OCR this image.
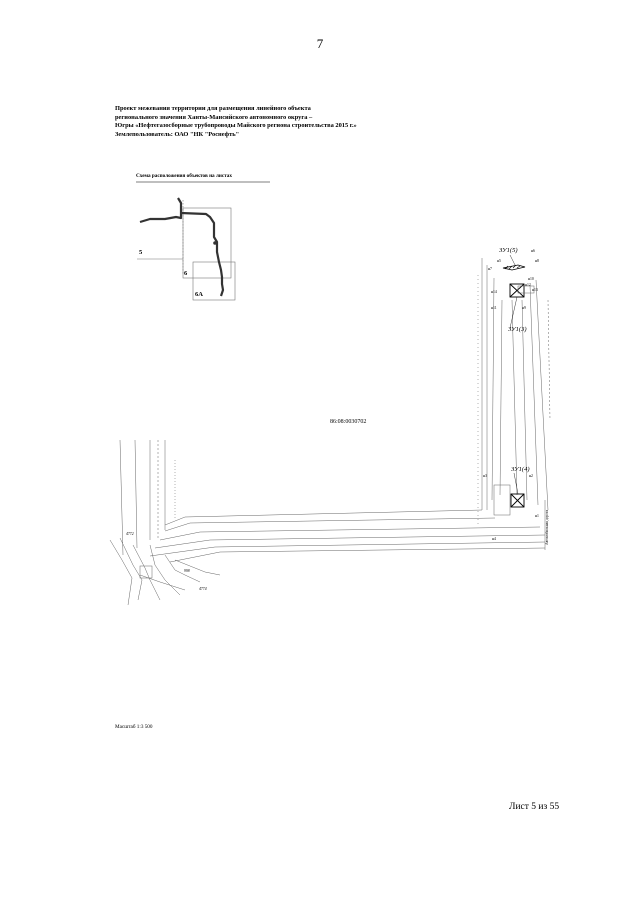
7
Проект межевания территории для размещения линейного объекта
регионального значения Ханты-Мансийского автономного округа –
Югры «Нефтегазосборные трубопроводы Майского региона строительства 2015 г.»
Землепользователь: ОАО "НК "Роснефть"
Схема расположения объектов на листах
5
6
6А
ЗУ1(5)
ЗУ1(3)
ЗУ1(4)
н5
н6
н7
н8
н9
н10
н11
н12
н13
н14
н1
н2
н3
н4
86:08:0030702
4772
4774
998
Автомобильная дорога
Масштаб 1:3 500
Лист 5 из 55
